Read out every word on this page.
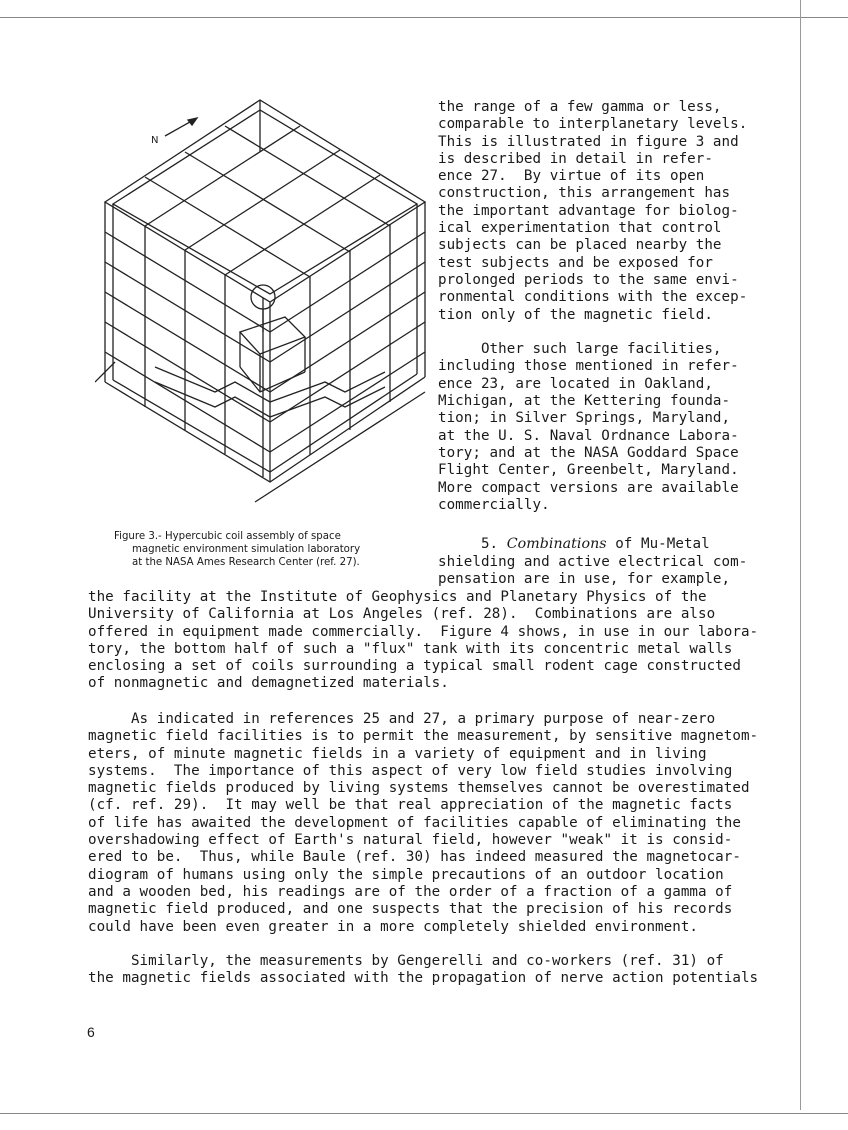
N
the range of a few gamma or less,
comparable to interplanetary levels.
This is illustrated in figure 3 and
is described in detail in refer-
ence 27.  By virtue of its open
construction, this arrangement has
the important advantage for biolog-
ical experimentation that control
subjects can be placed nearby the
test subjects and be exposed for
prolonged periods to the same envi-
ronmental conditions with the excep-
tion only of the magnetic field.

Other such large facilities,
including those mentioned in refer-
ence 23, are located in Oakland,
Michigan, at the Kettering founda-
tion; in Silver Springs, Maryland,
at the U. S. Naval Ordnance Labora-
tory; and at the NASA Goddard Space
Flight Center, Greenbelt, Maryland.
More compact versions are available
commercially.
5. Combinations of Mu-Metal
shielding and active electrical com-
pensation are in use, for example,
Figure 3.- Hypercubic coil assembly of space
magnetic environment simulation laboratory
at the NASA Ames Research Center (ref. 27).
the facility at the Institute of Geophysics and Planetary Physics of the
University of California at Los Angeles (ref. 28).  Combinations are also
offered in equipment made commercially.  Figure 4 shows, in use in our labora-
tory, the bottom half of such a "flux" tank with its concentric metal walls
enclosing a set of coils surrounding a typical small rodent cage constructed
of nonmagnetic and demagnetized materials.
As indicated in references 25 and 27, a primary purpose of near-zero
magnetic field facilities is to permit the measurement, by sensitive magnetom-
eters, of minute magnetic fields in a variety of equipment and in living
systems.  The importance of this aspect of very low field studies involving
magnetic fields produced by living systems themselves cannot be overestimated
(cf. ref. 29).  It may well be that real appreciation of the magnetic facts
of life has awaited the development of facilities capable of eliminating the
overshadowing effect of Earth's natural field, however "weak" it is consid-
ered to be.  Thus, while Baule (ref. 30) has indeed measured the magnetocar-
diogram of humans using only the simple precautions of an outdoor location
and a wooden bed, his readings are of the order of a fraction of a gamma of
magnetic field produced, and one suspects that the precision of his records
could have been even greater in a more completely shielded environment.
Similarly, the measurements by Gengerelli and co-workers (ref. 31) of
the magnetic fields associated with the propagation of nerve action potentials
6
